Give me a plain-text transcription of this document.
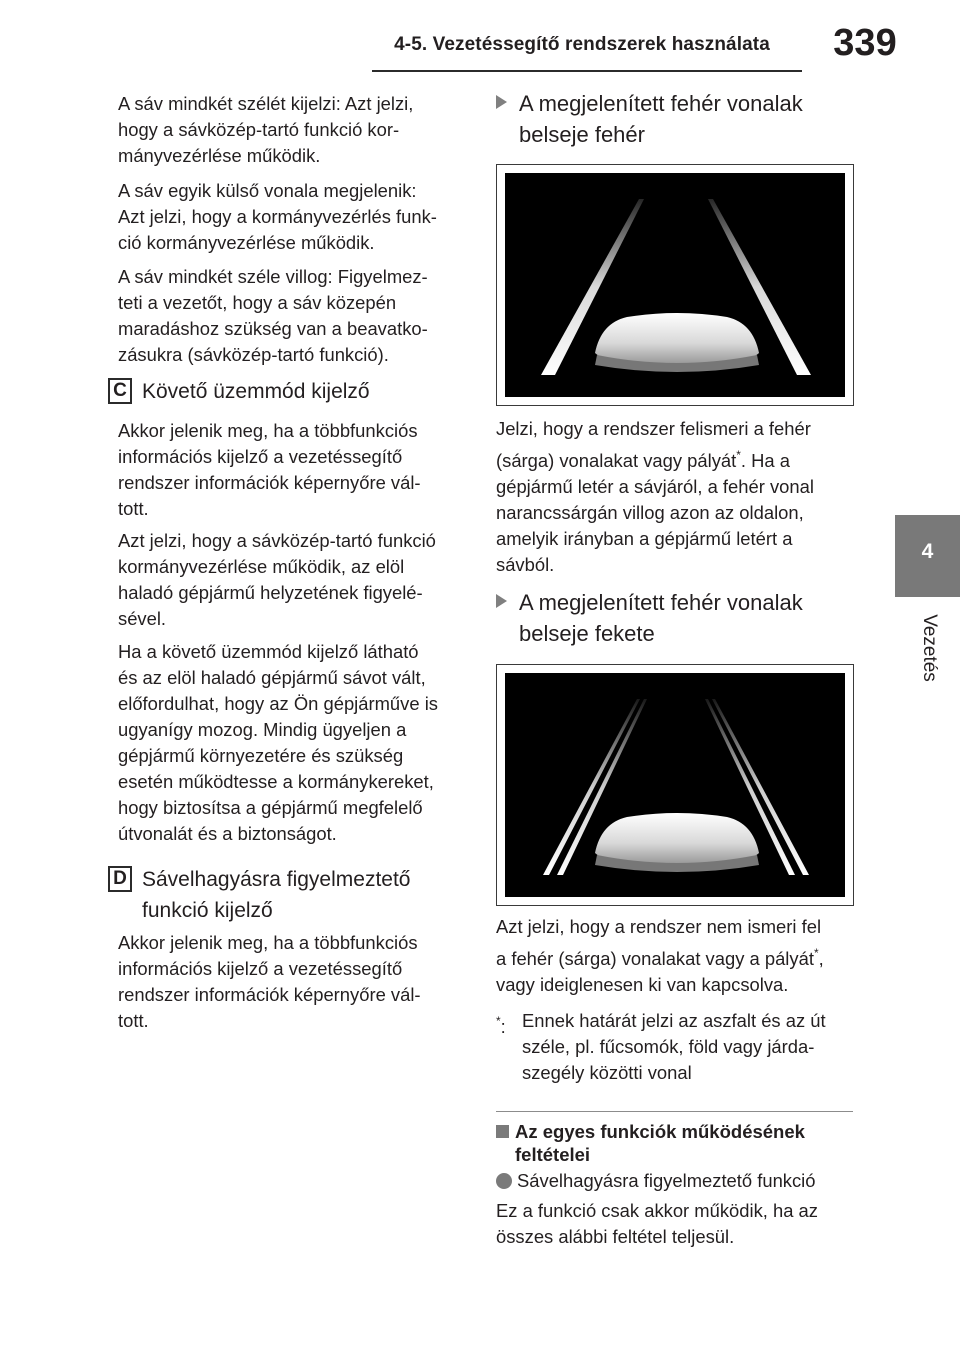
4-5. Vezetéssegítő rendszerek használata	339
4
Vezetés
A sáv mindkét szélét kijelzi: Azt jelzi,
hogy a sávközép-tartó funkció kor-
mányvezérlése működik.
A sáv egyik külső vonala megjelenik:
Azt jelzi, hogy a kormányvezérlés funk-
ció kormányvezérlése működik.
A sáv mindkét széle villog: Figyelmez-
teti a vezetőt, hogy a sáv közepén
maradáshoz szükség van a beavatko-
zásukra (sávközép-tartó funkció).
C Követő üzemmód kijelző
Akkor jelenik meg, ha a többfunkciós
információs kijelző a vezetéssegítő
rendszer információk képernyőre vál-
tott.
Azt jelzi, hogy a sávközép-tartó funkció
kormányvezérlése működik, az elöl
haladó gépjármű helyzetének figyelé-
sével.
Ha a követő üzemmód kijelző látható
és az elöl haladó gépjármű sávot vált,
előfordulhat, hogy az Ön gépjárműve is
ugyanígy mozog. Mindig ügyeljen a
gépjármű környezetére és szükség
esetén működtesse a kormánykereket,
hogy biztosítsa a gépjármű megfelelő
útvonalát és a biztonságot.
D Sávelhagyásra figyelmeztető
funkció kijelző
Akkor jelenik meg, ha a többfunkciós
információs kijelző a vezetéssegítő
rendszer információk képernyőre vál-
tott.
A megjelenített fehér vonalak
belseje fehér
Jelzi, hogy a rendszer felismeri a fehér
(sárga) vonalakat vagy pályát*. Ha a
gépjármű letér a sávjáról, a fehér vonal
narancssárgán villog azon az oldalon,
amelyik irányban a gépjármű letért a
sávból.
A megjelenített fehér vonalak
belseje fekete
Azt jelzi, hogy a rendszer nem ismeri fel
a fehér (sárga) vonalakat vagy a pályát*,
vagy ideiglenesen ki van kapcsolva.
*: Ennek határát jelzi az aszfalt és az út
széle, pl. fűcsomók, föld vagy járda-
szegély közötti vonal
Az egyes funkciók működésének
feltételei
Sávelhagyásra figyelmeztető funkció
Ez a funkció csak akkor működik, ha az
összes alábbi feltétel teljesül.
